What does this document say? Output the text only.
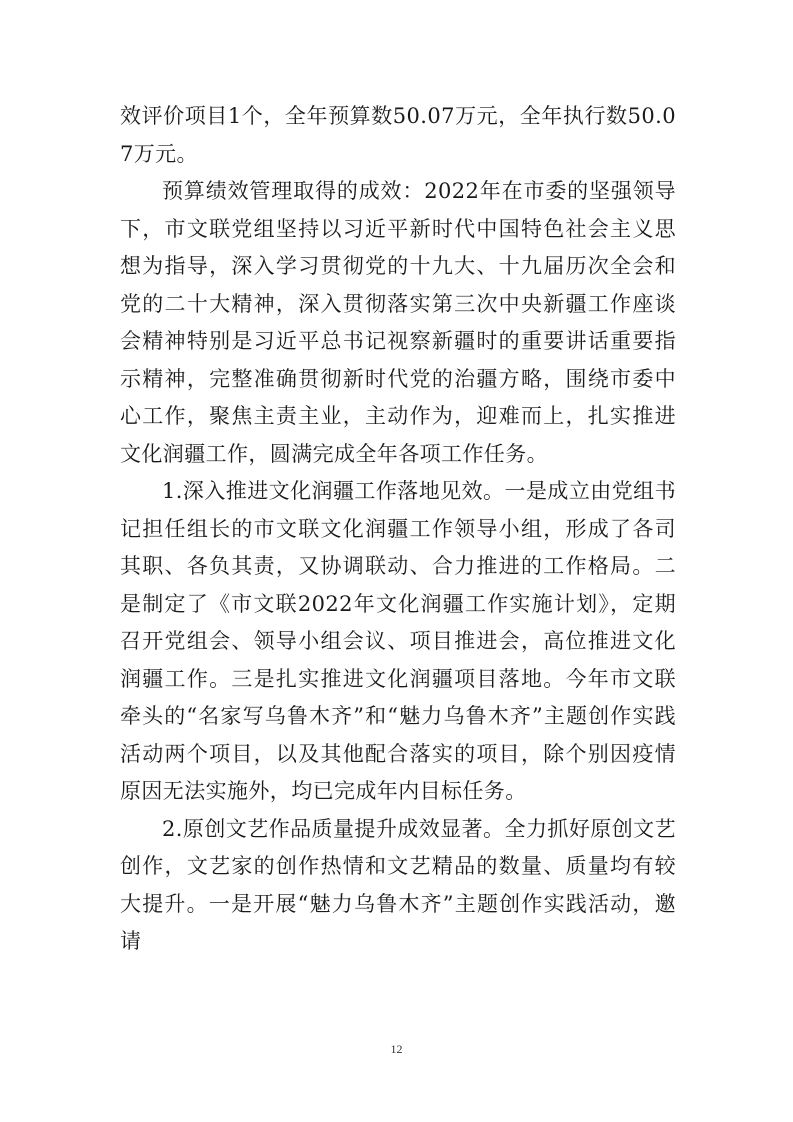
效评价项目1个，全年预算数50.07万元，全年执行数50.07万元。

预算绩效管理取得的成效：2022年在市委的坚强领导下，市文联党组坚持以习近平新时代中国特色社会主义思想为指导，深入学习贯彻党的十九大、十九届历次全会和党的二十大精神，深入贯彻落实第三次中央新疆工作座谈会精神特别是习近平总书记视察新疆时的重要讲话重要指示精神，完整准确贯彻新时代党的治疆方略，围绕市委中心工作，聚焦主责主业，主动作为，迎难而上，扎实推进文化润疆工作，圆满完成全年各项工作任务。

1.深入推进文化润疆工作落地见效。一是成立由党组书记担任组长的市文联文化润疆工作领导小组，形成了各司其职、各负其责，又协调联动、合力推进的工作格局。二是制定了《市文联2022年文化润疆工作实施计划》，定期召开党组会、领导小组会议、项目推进会，高位推进文化润疆工作。三是扎实推进文化润疆项目落地。今年市文联牵头的“名家写乌鲁木齐”和“魅力乌鲁木齐”主题创作实践活动两个项目，以及其他配合落实的项目，除个别因疫情原因无法实施外，均已完成年内目标任务。

2.原创文艺作品质量提升成效显著。全力抓好原创文艺创作，文艺家的创作热情和文艺精品的数量、质量均有较大提升。一是开展“魅力乌鲁木齐”主题创作实践活动，邀请

12
